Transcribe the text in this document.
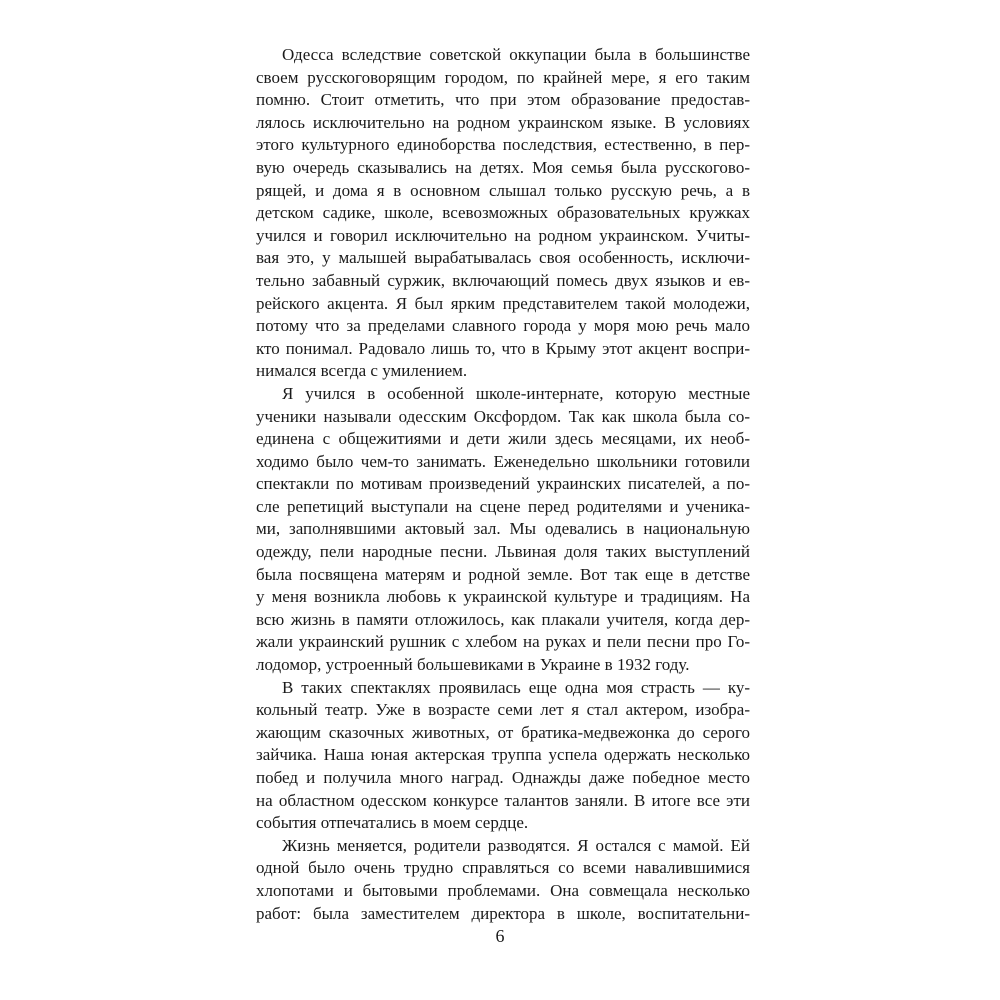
Одесса вследствие советской оккупации была в большинстве
своем русскоговорящим городом, по крайней мере, я его таким
помню. Стоит отметить, что при этом образование предостав-
лялось исключительно на родном украинском языке. В условиях
этого культурного единоборства последствия, естественно, в пер-
вую очередь сказывались на детях. Моя семья была русскогово-
рящей, и дома я в основном слышал только русскую речь, а в
детском садике, школе, всевозможных образовательных кружках
учился и говорил исключительно на родном украинском. Учиты-
вая это, у малышей вырабатывалась своя особенность, исключи-
тельно забавный суржик, включающий помесь двух языков и ев-
рейского акцента. Я был ярким представителем такой молодежи,
потому что за пределами славного города у моря мою речь мало
кто понимал. Радовало лишь то, что в Крыму этот акцент воспри-
нимался всегда с умилением.
Я учился в особенной школе-интернате, которую местные
ученики называли одесским Оксфордом. Так как школа была со-
единена с общежитиями и дети жили здесь месяцами, их необ-
ходимо было чем-то занимать. Еженедельно школьники готовили
спектакли по мотивам произведений украинских писателей, а по-
сле репетиций выступали на сцене перед родителями и ученика-
ми, заполнявшими актовый зал. Мы одевались в национальную
одежду, пели народные песни. Львиная доля таких выступлений
была посвящена матерям и родной земле. Вот так еще в детстве
у меня возникла любовь к украинской культуре и традициям. На
всю жизнь в памяти отложилось, как плакали учителя, когда дер-
жали украинский рушник с хлебом на руках и пели песни про Го-
лодомор, устроенный большевиками в Украине в 1932 году.
В таких спектаклях проявилась еще одна моя страсть — ку-
кольный театр. Уже в возрасте семи лет я стал актером, изобра-
жающим сказочных животных, от братика-медвежонка до серого
зайчика. Наша юная актерская труппа успела одержать несколько
побед и получила много наград. Однажды даже победное место
на областном одесском конкурсе талантов заняли. В итоге все эти
события отпечатались в моем сердце.
Жизнь меняется, родители разводятся. Я остался с мамой. Ей
одной было очень трудно справляться со всеми навалившимися
хлопотами и бытовыми проблемами. Она совмещала несколько
работ: была заместителем директора в школе, воспитательни-
6
